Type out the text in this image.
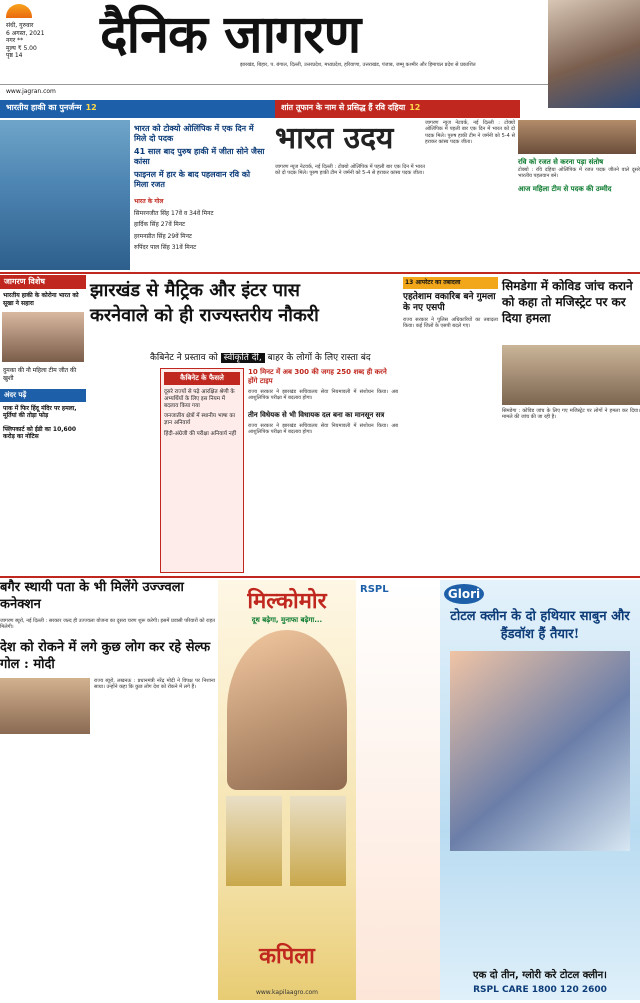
संधी, गुरुवार
6 अगस्त, 2021
नगर **
मूल्य ₹ 5.00
पृष्ठ 14	दैनिक जागरण
झारखंड, बिहार, प. बंगाल, दिल्ली, उत्तरप्रदेश, मध्यप्रदेश, हरियाणा, उत्तराखंड, पंजाब, जम्मू कश्मीर और हिमाचल प्रदेश से प्रकाशित
www.jagran.com
भारतीय हाकी का पुनर्जन्म 12	शांत तूफान के नाम से प्रसिद्ध हैं रवि दहिया 12
भारत को टोक्यो ओलिंपिक में एक दिन में मिले दो पदक
41 साल बाद पुरुष हाकी में जीता सोने जैसा कांसा
फाइनल में हार के बाद पहलवान रवि को मिला रजत
भारत के गोल
सिमरनजीत सिंह 17वें व 34वें मिनट
हार्दिक सिंह 27वें मिनट
हरमनप्रीत सिंह 29वें मिनट
रुपिंदर पाल सिंह 31वें मिनट
भारत उदय
जागरण न्यूज नेटवर्क, नई दिल्ली : टोक्यो ओलिंपिक में पहली बार एक दिन में भारत को दो पदक मिले। पुरुष हाकी टीम ने जर्मनी को 5-4 से हराकर कांस्य पदक जीता।
जागरण न्यूज नेटवर्क, नई दिल्ली : टोक्यो ओलिंपिक में पहली बार एक दिन में भारत को दो पदक मिले। पुरुष हाकी टीम ने जर्मनी को 5-4 से हराकर कांस्य पदक जीता।
रवि को रजत से करना पड़ा संतोष
टोक्यो : रवि दहिया ओलिंपिक में रजत पदक जीतने वाले दूसरे भारतीय पहलवान बने।
आज महिला टीम से पदक की उम्मीद
जागरण विशेष
भारतीय हाकी के कोरोना भारत को सूखा ने सहारा
दुमका की नौ महिला टीम जीत की खुशी
अंदर पढ़ें
पाक में फिर हिंदू मंदिर पर हमला, मूर्तियां की तोड़ा फोड़
फ्लिपकार्ट को ईडी का 10,600 करोड़ का नोटिस
झारखंड से मैट्रिक और इंटर पास
करनेवाले को ही राज्यस्तरीय नौकरी
कैबिनेट ने प्रस्ताव को स्वीकृति दी, बाहर के लोगों के लिए रास्ता बंद
कैबिनेट के फैसले
दूसरे राज्यों से पढ़े आरक्षित श्रेणी के अभ्यर्थियों के लिए इस नियम में बदलाव किया गया
जनजातीय क्षेत्रों में स्थानीय भाषा का ज्ञान अनिवार्य
हिंदी-अंग्रेजी की परीक्षा अनिवार्य नहीं
10 मिनट में अब 300 की जगह 250 शब्द ही करने होंगे टाइप
राज्य सरकार ने झारखंड सचिवालय सेवा नियमावली में संशोधन किया। अब आशुलिपिक परीक्षा में बदलाव होगा।
तीन विधेयक से भी विधायक दल बना का मानसून सत्र
राज्य सरकार ने झारखंड सचिवालय सेवा नियमावली में संशोधन किया। अब आशुलिपिक परीक्षा में बदलाव होगा।
13 आपरेटर का तबादला
एहतेशाम वकारिब बने गुमला के नए एसपी
राज्य सरकार ने पुलिस अधिकारियों का तबादला किया। कई जिलों के एसपी बदले गए।
सिमडेगा में कोविड जांच कराने को कहा तो मजिस्ट्रेट पर कर दिया हमला
सिमडेगा : कोविड जांच के लिए गए मजिस्ट्रेट पर लोगों ने हमला कर दिया। मामले की जांच की जा रही है।
बगैर स्थायी पता के भी मिलेंगे उज्ज्वला कनेक्शन
जागरण ब्यूरो, नई दिल्ली : सरकार जल्द ही उज्ज्वला योजना का दूसरा चरण शुरू करेगी। इसमें प्रवासी परिवारों को राहत मिलेगी।
देश को रोकने में लगे कुछ लोग कर रहे सेल्फ गोल : मोदी
राज्य ब्यूरो, लखनऊ : प्रधानमंत्री नरेंद्र मोदी ने विपक्ष पर निशाना साधा। उन्होंने कहा कि कुछ लोग देश को रोकने में लगे हैं।
मिल्कोमोर
दूध बढ़ेगा, मुनाफा बढ़ेगा...
कपिला
www.kapilaagro.com
RSPL	Glori
टोटल क्लीन के दो हथियार साबुन और हैंडवॉश हैं तैयार!
एक दो तीन, ग्लोरी करे टोटल क्लीन।
RSPL CARE 1800 120 2600
